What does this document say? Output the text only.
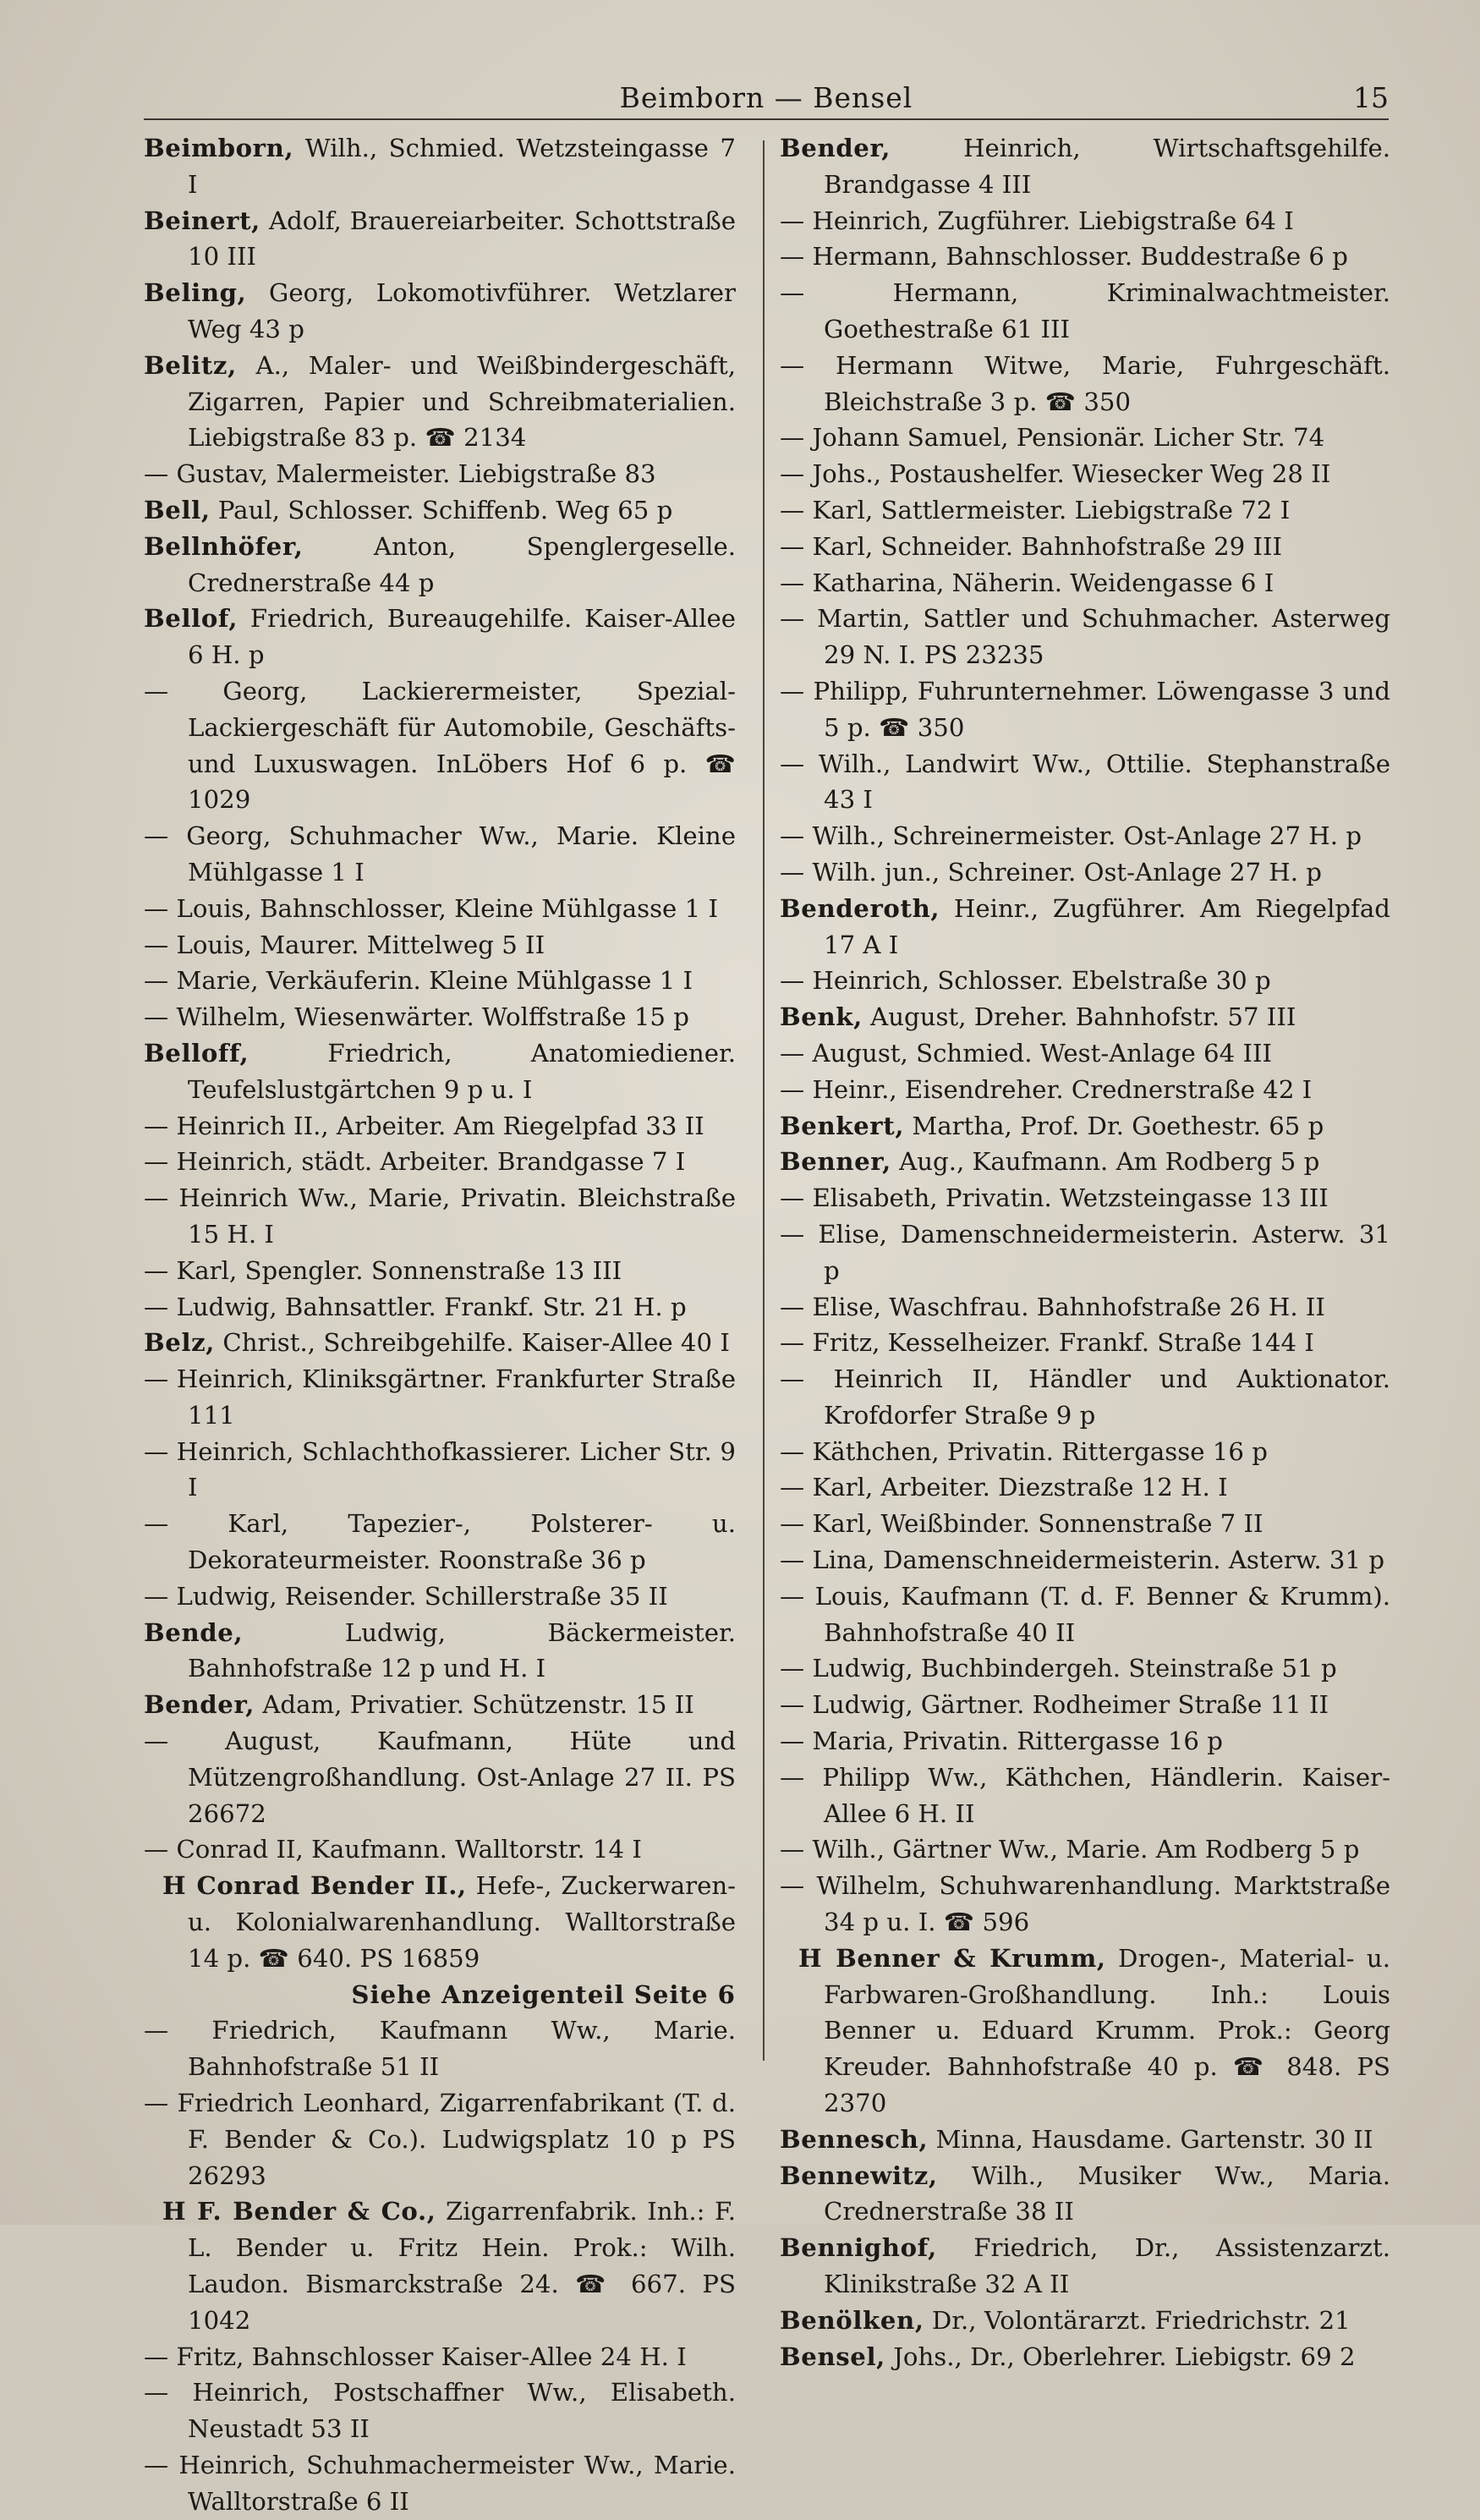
Beimborn — Bensel	15

Beimborn, Wilh., Schmied. Wetzsteingasse 7 I

Beinert, Adolf, Brauereiarbeiter. Schottstraße 10 III

Beling, Georg, Lokomotivführer. Wetzlarer Weg 43 p

Belitz, A., Maler- und Weißbindergeschäft, Zigarren, Papier und Schreibmaterialien. Liebigstraße 83 p. ☎ 2134

— Gustav, Malermeister. Liebigstraße 83

Bell, Paul, Schlosser. Schiffenb. Weg 65 p

Bellnhöfer, Anton, Spenglergeselle. Crednerstraße 44 p

Bellof, Friedrich, Bureaugehilfe. Kaiser-Allee 6 H. p

— Georg, Lackierermeister, Spezial-Lackiergeschäft für Automobile, Geschäfts- und Luxuswagen. InLöbers Hof 6 p. ☎ 1029

— Georg, Schuhmacher Ww., Marie. Kleine Mühlgasse 1 I

— Louis, Bahnschlosser, Kleine Mühlgasse 1 I

— Louis, Maurer. Mittelweg 5 II

— Marie, Verkäuferin. Kleine Mühlgasse 1 I

— Wilhelm, Wiesenwärter. Wolffstraße 15 p

Belloff, Friedrich, Anatomiediener. Teufelslustgärtchen 9 p u. I

— Heinrich II., Arbeiter. Am Riegelpfad 33 II

— Heinrich, städt. Arbeiter. Brandgasse 7 I

— Heinrich Ww., Marie, Privatin. Bleichstraße 15 H. I

— Karl, Spengler. Sonnenstraße 13 III

— Ludwig, Bahnsattler. Frankf. Str. 21 H. p

Belz, Christ., Schreibgehilfe. Kaiser-Allee 40 I

— Heinrich, Kliniksgärtner. Frankfurter Straße 111

— Heinrich, Schlachthofkassierer. Licher Str. 9 I

— Karl, Tapezier-, Polsterer- u. Dekorateurmeister. Roonstraße 36 p

— Ludwig, Reisender. Schillerstraße 35 II

Bende, Ludwig, Bäckermeister. Bahnhofstraße 12 p und H. I

Bender, Adam, Privatier. Schützenstr. 15 II

— August, Kaufmann, Hüte und Mützengroßhandlung. Ost-Anlage 27 II. PS 26672

— Conrad II, Kaufmann. Walltorstr. 14 I

H Conrad Bender II., Hefe-, Zuckerwaren- u. Kolonialwarenhandlung. Walltorstraße 14 p. ☎ 640. PS 16859

Siehe Anzeigenteil Seite 6

— Friedrich, Kaufmann Ww., Marie. Bahnhofstraße 51 II

— Friedrich Leonhard, Zigarrenfabrikant (T. d. F. Bender & Co.). Ludwigsplatz 10 p PS 26293

H F. Bender & Co., Zigarrenfabrik. Inh.: F. L. Bender u. Fritz Hein. Prok.: Wilh. Laudon. Bismarckstraße 24. ☎ 667. PS 1042

— Fritz, Bahnschlosser Kaiser-Allee 24 H. I

— Heinrich, Postschaffner Ww., Elisabeth. Neustadt 53 II

— Heinrich, Schuhmachermeister Ww., Marie. Walltorstraße 6 II

Bender, Heinrich, Wirtschaftsgehilfe. Brandgasse 4 III

— Heinrich, Zugführer. Liebigstraße 64 I

— Hermann, Bahnschlosser. Buddestraße 6 p

— Hermann, Kriminalwachtmeister. Goethestraße 61 III

— Hermann Witwe, Marie, Fuhrgeschäft. Bleichstraße 3 p. ☎ 350

— Johann Samuel, Pensionär. Licher Str. 74

— Johs., Postaushelfer. Wiesecker Weg 28 II

— Karl, Sattlermeister. Liebigstraße 72 I

— Karl, Schneider. Bahnhofstraße 29 III

— Katharina, Näherin. Weidengasse 6 I

— Martin, Sattler und Schuhmacher. Asterweg 29 N. I. PS 23235

— Philipp, Fuhrunternehmer. Löwengasse 3 und 5 p. ☎ 350

— Wilh., Landwirt Ww., Ottilie. Stephanstraße 43 I

— Wilh., Schreinermeister. Ost-Anlage 27 H. p

— Wilh. jun., Schreiner. Ost-Anlage 27 H. p

Benderoth, Heinr., Zugführer. Am Riegelpfad 17 A I

— Heinrich, Schlosser. Ebelstraße 30 p

Benk, August, Dreher. Bahnhofstr. 57 III

— August, Schmied. West-Anlage 64 III

— Heinr., Eisendreher. Crednerstraße 42 I

Benkert, Martha, Prof. Dr. Goethestr. 65 p

Benner, Aug., Kaufmann. Am Rodberg 5 p

— Elisabeth, Privatin. Wetzsteingasse 13 III

— Elise, Damenschneidermeisterin. Asterw. 31 p

— Elise, Waschfrau. Bahnhofstraße 26 H. II

— Fritz, Kesselheizer. Frankf. Straße 144 I

— Heinrich II, Händler und Auktionator. Krofdorfer Straße 9 p

— Käthchen, Privatin. Rittergasse 16 p

— Karl, Arbeiter. Diezstraße 12 H. I

— Karl, Weißbinder. Sonnenstraße 7 II

— Lina, Damenschneidermeisterin. Asterw. 31 p

— Louis, Kaufmann (T. d. F. Benner & Krumm). Bahnhofstraße 40 II

— Ludwig, Buchbindergeh. Steinstraße 51 p

— Ludwig, Gärtner. Rodheimer Straße 11 II

— Maria, Privatin. Rittergasse 16 p

— Philipp Ww., Käthchen, Händlerin. Kaiser-Allee 6 H. II

— Wilh., Gärtner Ww., Marie. Am Rodberg 5 p

— Wilhelm, Schuhwarenhandlung. Marktstraße 34 p u. I. ☎ 596

H Benner & Krumm, Drogen-, Material- u. Farbwaren-Großhandlung. Inh.: Louis Benner u. Eduard Krumm. Prok.: Georg Kreuder. Bahnhofstraße 40 p. ☎ 848. PS 2370

Bennesch, Minna, Hausdame. Gartenstr. 30 II

Bennewitz, Wilh., Musiker Ww., Maria. Crednerstraße 38 II

Bennighof, Friedrich, Dr., Assistenzarzt. Klinikstraße 32 A II

Benölken, Dr., Volontärarzt. Friedrichstr. 21

Bensel, Johs., Dr., Oberlehrer. Liebigstr. 69 2
